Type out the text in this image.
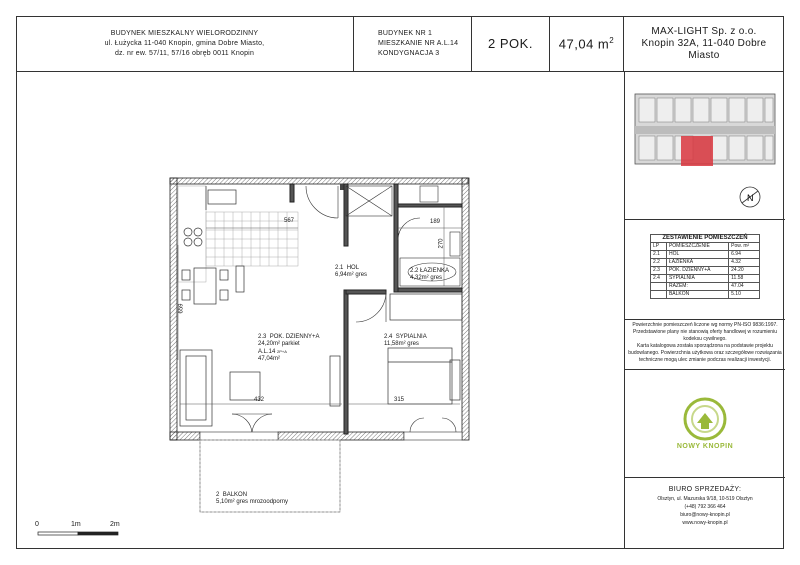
BUDYNEK MIESZKALNY WIELORODZINNY
ul. Łużycka 11-040 Knopin, gmina Dobre Miasto,
dz. nr ew. 57/11, 57/16 obręb 0011 Knopin
BUDYNEK NR 1
MIESZKANIE NR A.L.14
KONDYGNACJA 3
2 POK. 47,04 $m^2$
MAX-LIGHT Sp. z o.o.
Knopin 32A, 11-040 Dobre
Miasto
N
ZESTAWIENIE POMIESZCZEŃ		
LP	POMIESZCZENIE	Pow. m²
2.1	HOL	6.94
2.2	ŁAZIENKA	4.32
2.3	POK. DZIENNY+A	24.20
2.4	SYPIALNIA	11.58
	RAZEM:	47.04
	BALKON	5.10

Powierzchnie pomieszczeń liczone wg normy PN-ISO 9836:1997.

Przedstawione plany nie stanowią oferty handlowej w rozumieniu

kodeksu cywilnego.

Karta katalogowa została sporządzona na podstawie projektu

budowlanego. Powierzchnia użytkowa oraz szczegółowe rozwiązania

techniczne mogą ulec zmianie podczas realizacji inwestycji.

NOWY KNOPIN
BIURO SPRZEDAŻY:
Olsztyn, ul. Mazurska 9/18, 10-519 Olsztyn
(+48) 792 366 464
biuro@nowy-knopin.pl
www.nowy-knopin.pl
2.1 HOL
6,94m² gres
2.2 ŁAZIENKA
4,32m² gres
2.3 POK. DZIENNY+A
24,20m² parkiet
A.L.14 2P+A
47,04m²
2.4 SYPIALNIA
11,58m² gres
2 BALKON
5,10m² gres mrozoodporny
567	189
270
659
432	315
0	1m	2m
